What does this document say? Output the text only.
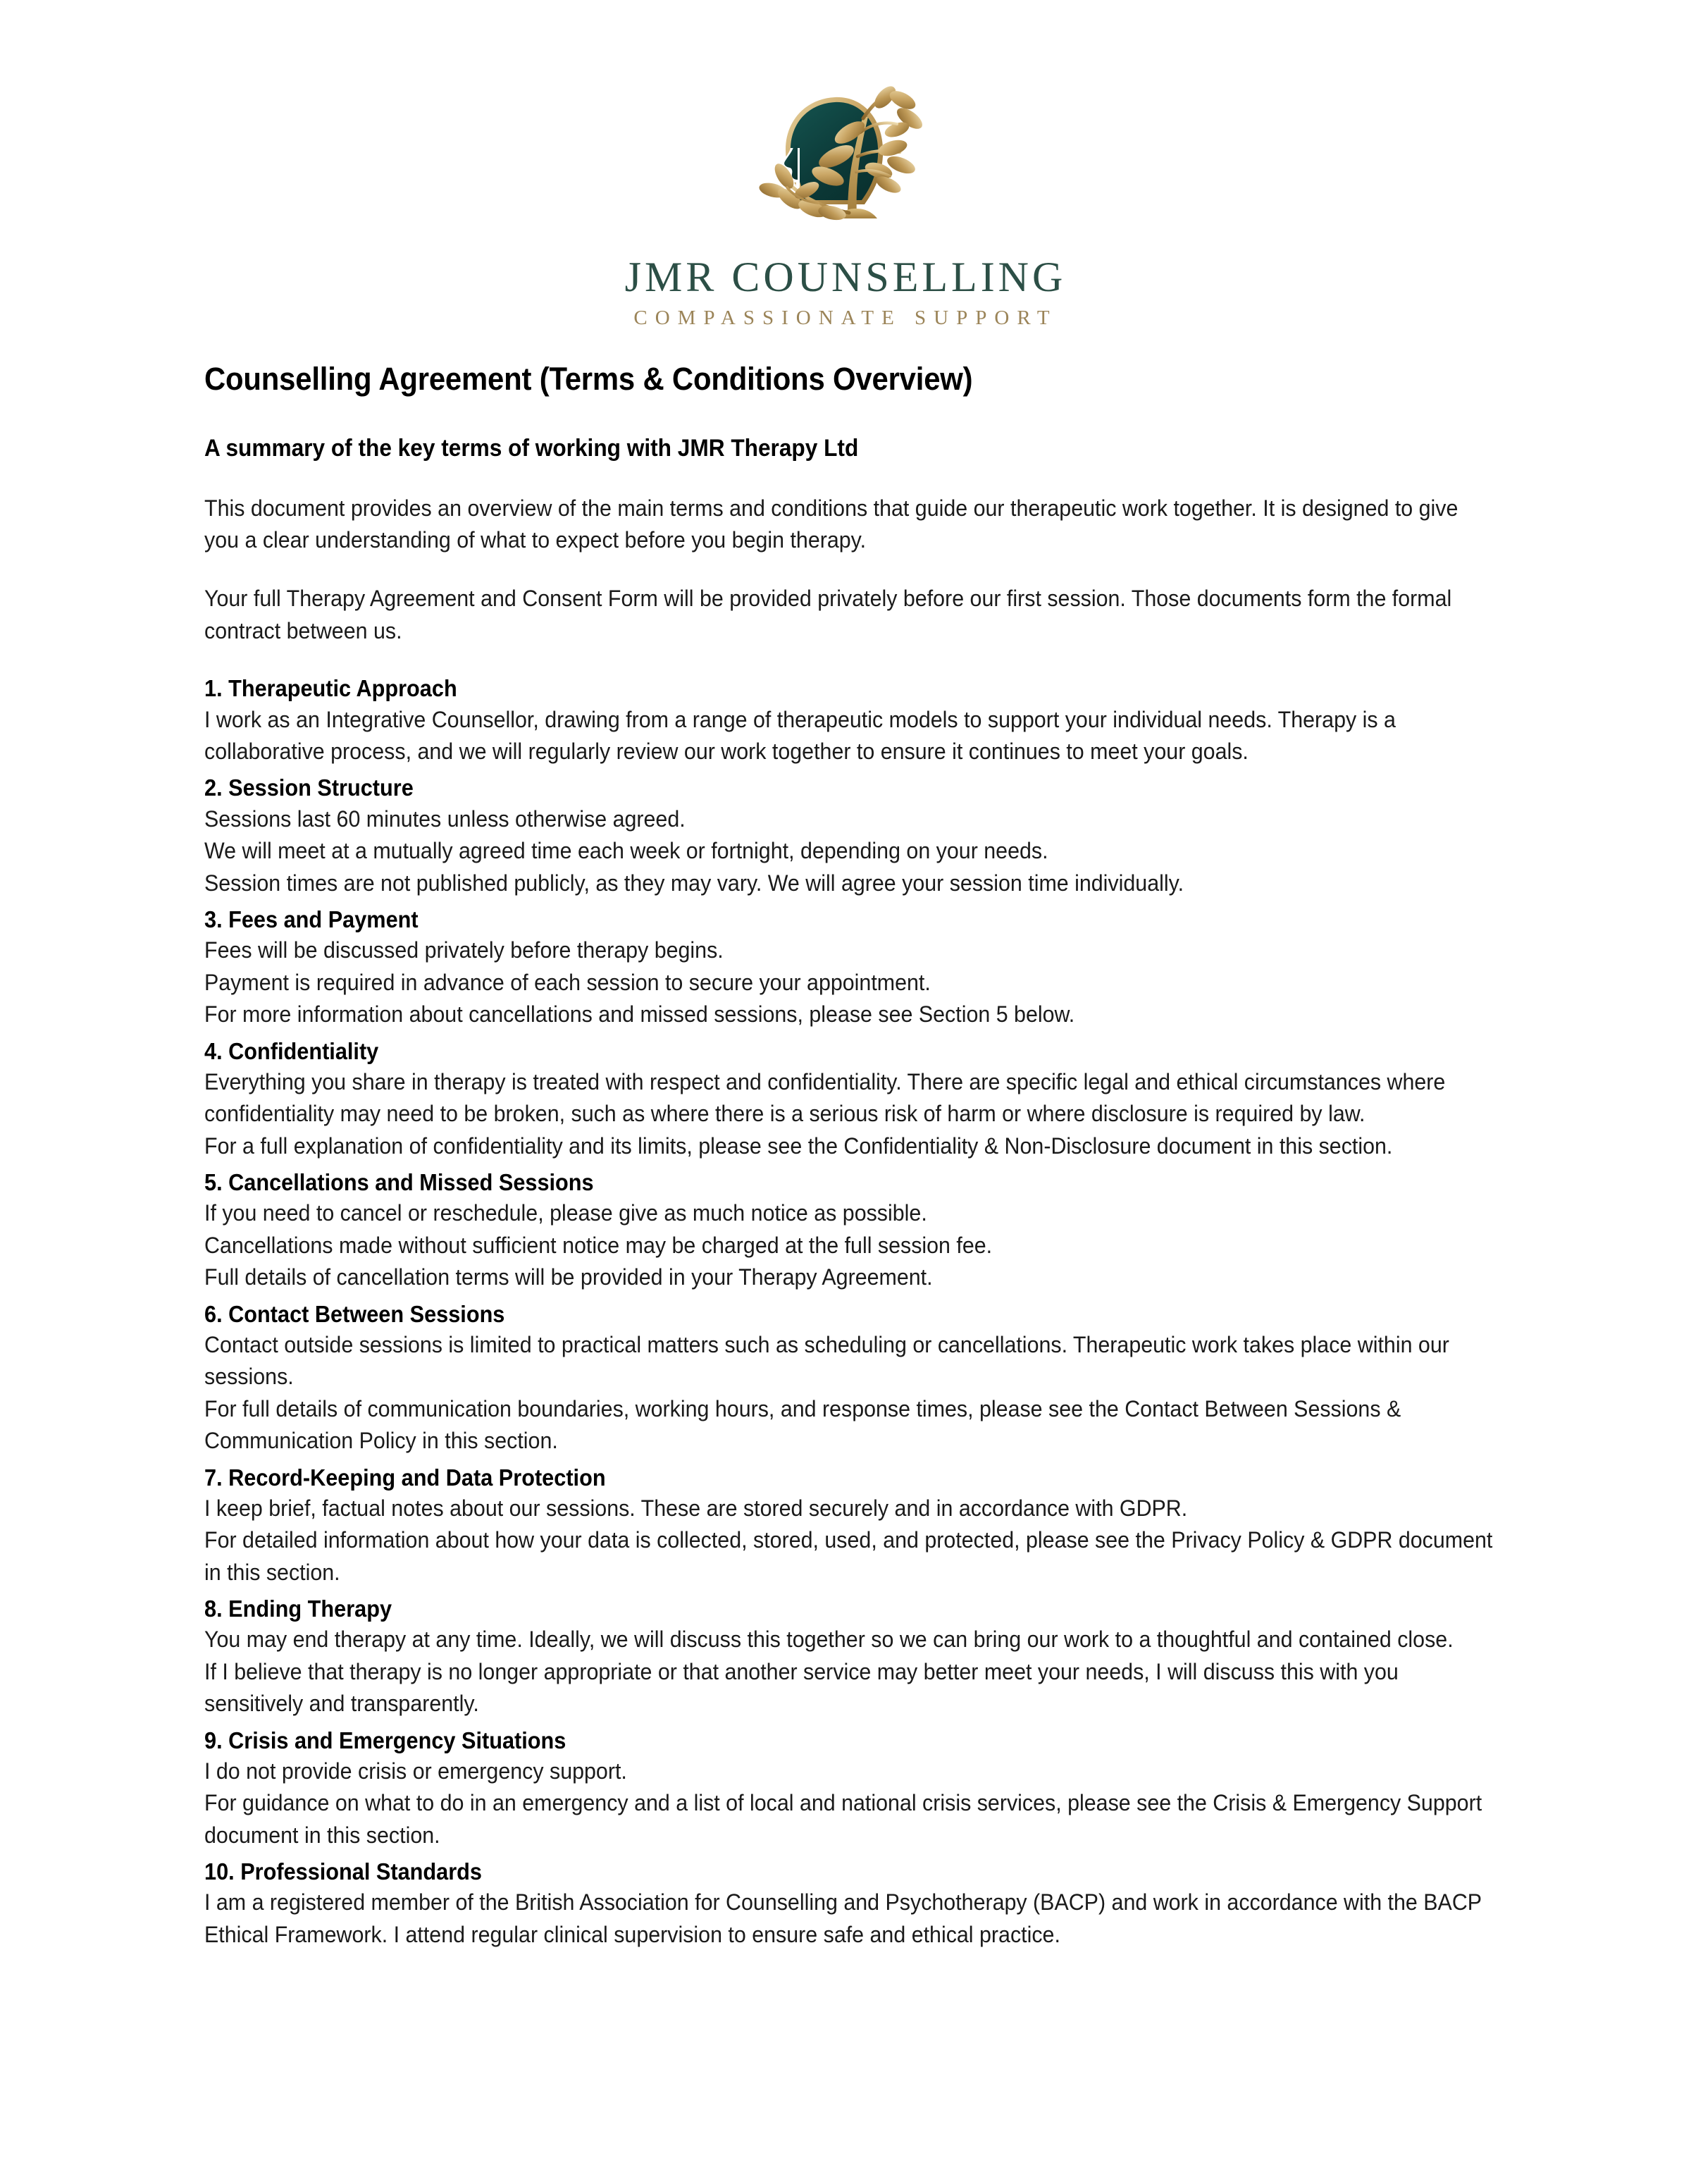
JMR COUNSELLING
COMPASSIONATE SUPPORT
Counselling Agreement (Terms & Conditions Overview)
A summary of the key terms of working with JMR Therapy Ltd

This document provides an overview of the main terms and conditions that guide our therapeutic work together. It is designed to give you a clear understanding of what to expect before you begin therapy.

Your full Therapy Agreement and Consent Form will be provided privately before our first session. Those documents form the formal contract between us.

1. Therapeutic Approach

I work as an Integrative Counsellor, drawing from a range of therapeutic models to support your individual needs. Therapy is a collaborative process, and we will regularly review our work together to ensure it continues to meet your goals.

2. Session Structure

Sessions last 60 minutes unless otherwise agreed.

We will meet at a mutually agreed time each week or fortnight, depending on your needs.

Session times are not published publicly, as they may vary. We will agree your session time individually.

3. Fees and Payment

Fees will be discussed privately before therapy begins.

Payment is required in advance of each session to secure your appointment.

For more information about cancellations and missed sessions, please see Section 5 below.

4. Confidentiality

Everything you share in therapy is treated with respect and confidentiality. There are specific legal and ethical circumstances where confidentiality may need to be broken, such as where there is a serious risk of harm or where disclosure is required by law.

For a full explanation of confidentiality and its limits, please see the Confidentiality & Non-Disclosure document in this section.

5. Cancellations and Missed Sessions

If you need to cancel or reschedule, please give as much notice as possible.

Cancellations made without sufficient notice may be charged at the full session fee.

Full details of cancellation terms will be provided in your Therapy Agreement.

6. Contact Between Sessions

Contact outside sessions is limited to practical matters such as scheduling or cancellations. Therapeutic work takes place within our sessions.

For full details of communication boundaries, working hours, and response times, please see the Contact Between Sessions & Communication Policy in this section.

7. Record-Keeping and Data Protection

I keep brief, factual notes about our sessions. These are stored securely and in accordance with GDPR.

For detailed information about how your data is collected, stored, used, and protected, please see the Privacy Policy & GDPR document in this section.

8. Ending Therapy

You may end therapy at any time. Ideally, we will discuss this together so we can bring our work to a thoughtful and contained close.

If I believe that therapy is no longer appropriate or that another service may better meet your needs, I will discuss this with you sensitively and transparently.

9. Crisis and Emergency Situations

I do not provide crisis or emergency support.

For guidance on what to do in an emergency and a list of local and national crisis services, please see the Crisis & Emergency Support document in this section.

10. Professional Standards

I am a registered member of the British Association for Counselling and Psychotherapy (BACP) and work in accordance with the BACP Ethical Framework. I attend regular clinical supervision to ensure safe and ethical practice.
